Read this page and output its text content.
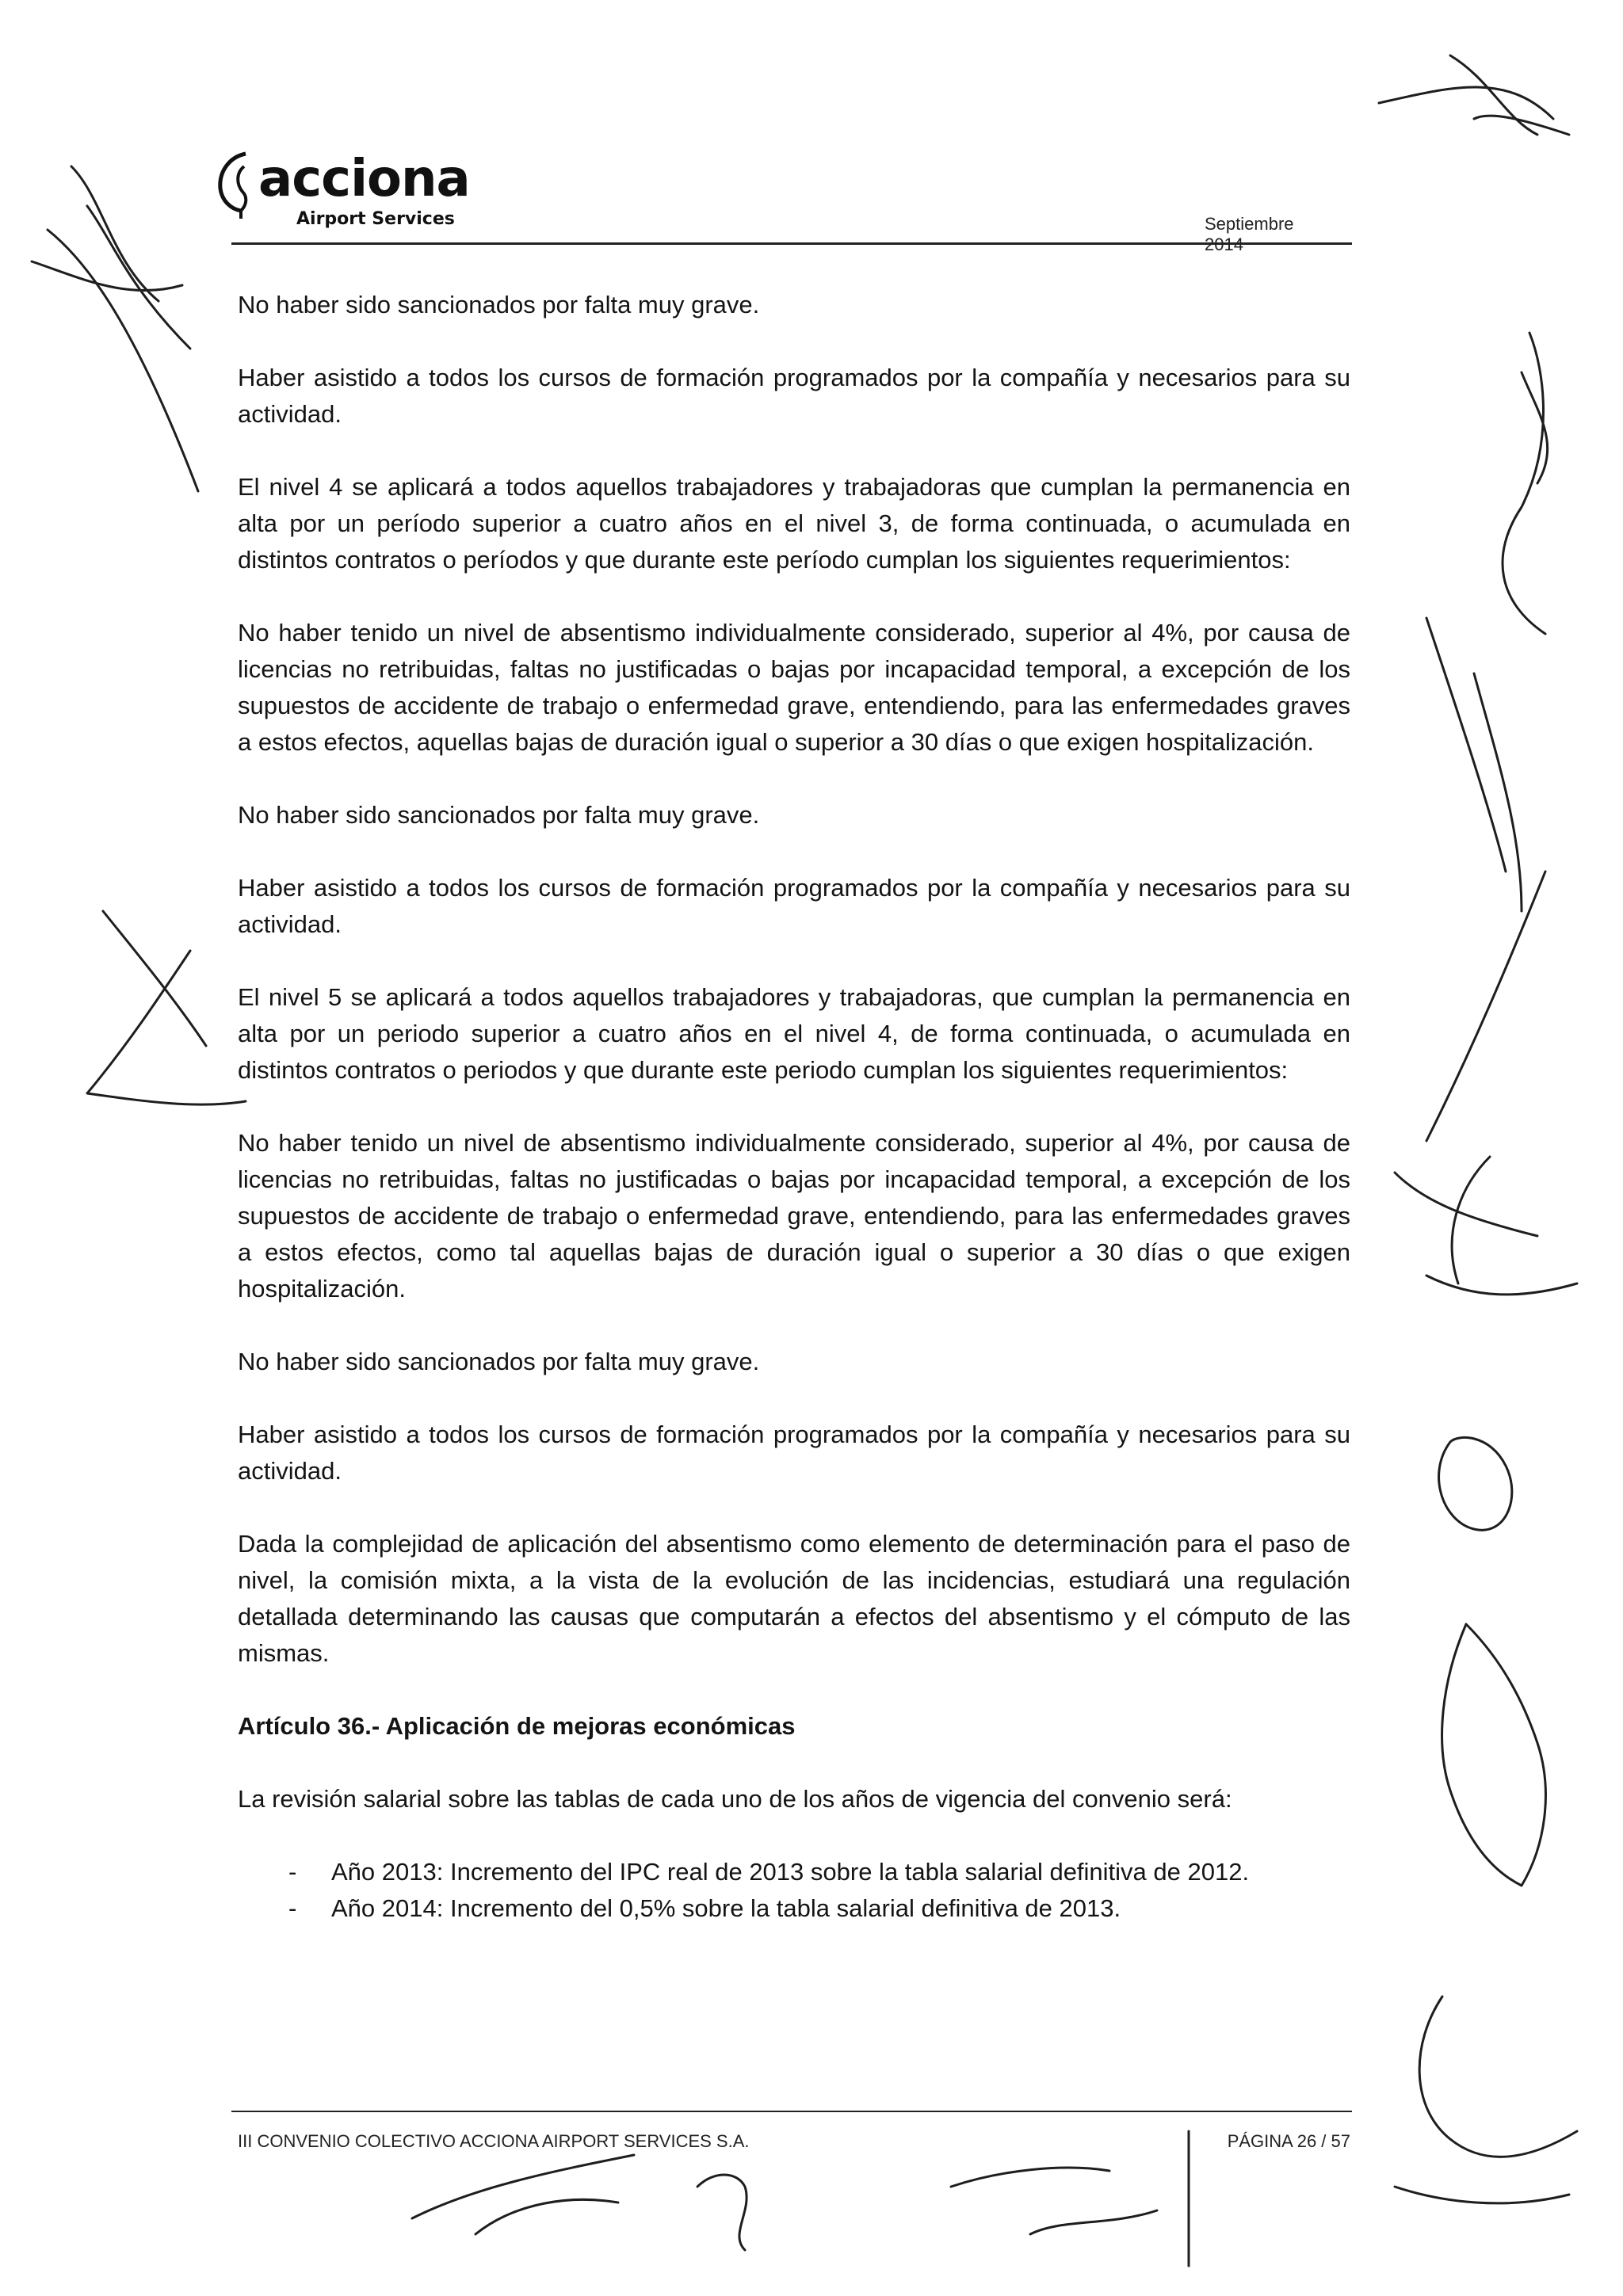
acciona
Airport Services	Septiembre 2014

No haber sido sancionados por falta muy grave.

Haber asistido a todos los cursos de formación programados por la compañía y necesarios para su actividad.

El nivel 4 se aplicará a todos aquellos trabajadores y trabajadoras que cumplan la permanencia en alta por un período superior a cuatro años en el nivel 3, de forma continuada, o acumulada en distintos contratos o períodos y que durante este período cumplan los siguientes requerimientos:

No haber tenido un nivel de absentismo individualmente considerado, superior al 4%, por causa de licencias no retribuidas, faltas no justificadas o bajas por incapacidad temporal, a excepción de los supuestos de accidente de trabajo o enfermedad grave, entendiendo, para las enfermedades graves a estos efectos, aquellas bajas de duración igual o superior a 30 días o que exigen hospitalización.

No haber sido sancionados por falta muy grave.

Haber asistido a todos los cursos de formación programados por la compañía y necesarios para su actividad.

El nivel 5 se aplicará a todos aquellos trabajadores y trabajadoras, que cumplan la permanencia en alta por un periodo superior a cuatro años en el nivel 4, de forma continuada, o acumulada en distintos contratos o periodos y que durante este periodo cumplan los siguientes requerimientos:

No haber tenido un nivel de absentismo individualmente considerado, superior al 4%, por causa de licencias no retribuidas, faltas no justificadas o bajas por incapacidad temporal, a excepción de los supuestos de accidente de trabajo o enfermedad grave, entendiendo, para las enfermedades graves a estos efectos, como tal aquellas bajas de duración igual o superior a 30 días o que exigen hospitalización.

No haber sido sancionados por falta muy grave.

Haber asistido a todos los cursos de formación programados por la compañía y necesarios para su actividad.

Dada la complejidad de aplicación del absentismo como elemento de determinación para el paso de nivel, la comisión mixta, a la vista de la evolución de las incidencias, estudiará una regulación detallada determinando las causas que computarán a efectos del absentismo y el cómputo de las mismas.

Artículo 36.- Aplicación de mejoras económicas

La revisión salarial sobre las tablas de cada uno de los años de vigencia del convenio será:

- Año 2013: Incremento del IPC real de 2013 sobre la tabla salarial definitiva de 2012.
- Año 2014: Incremento del 0,5% sobre la tabla salarial definitiva de 2013.
III CONVENIO COLECTIVO ACCIONA AIRPORT SERVICES S.A.	PÁGINA 26 / 57
